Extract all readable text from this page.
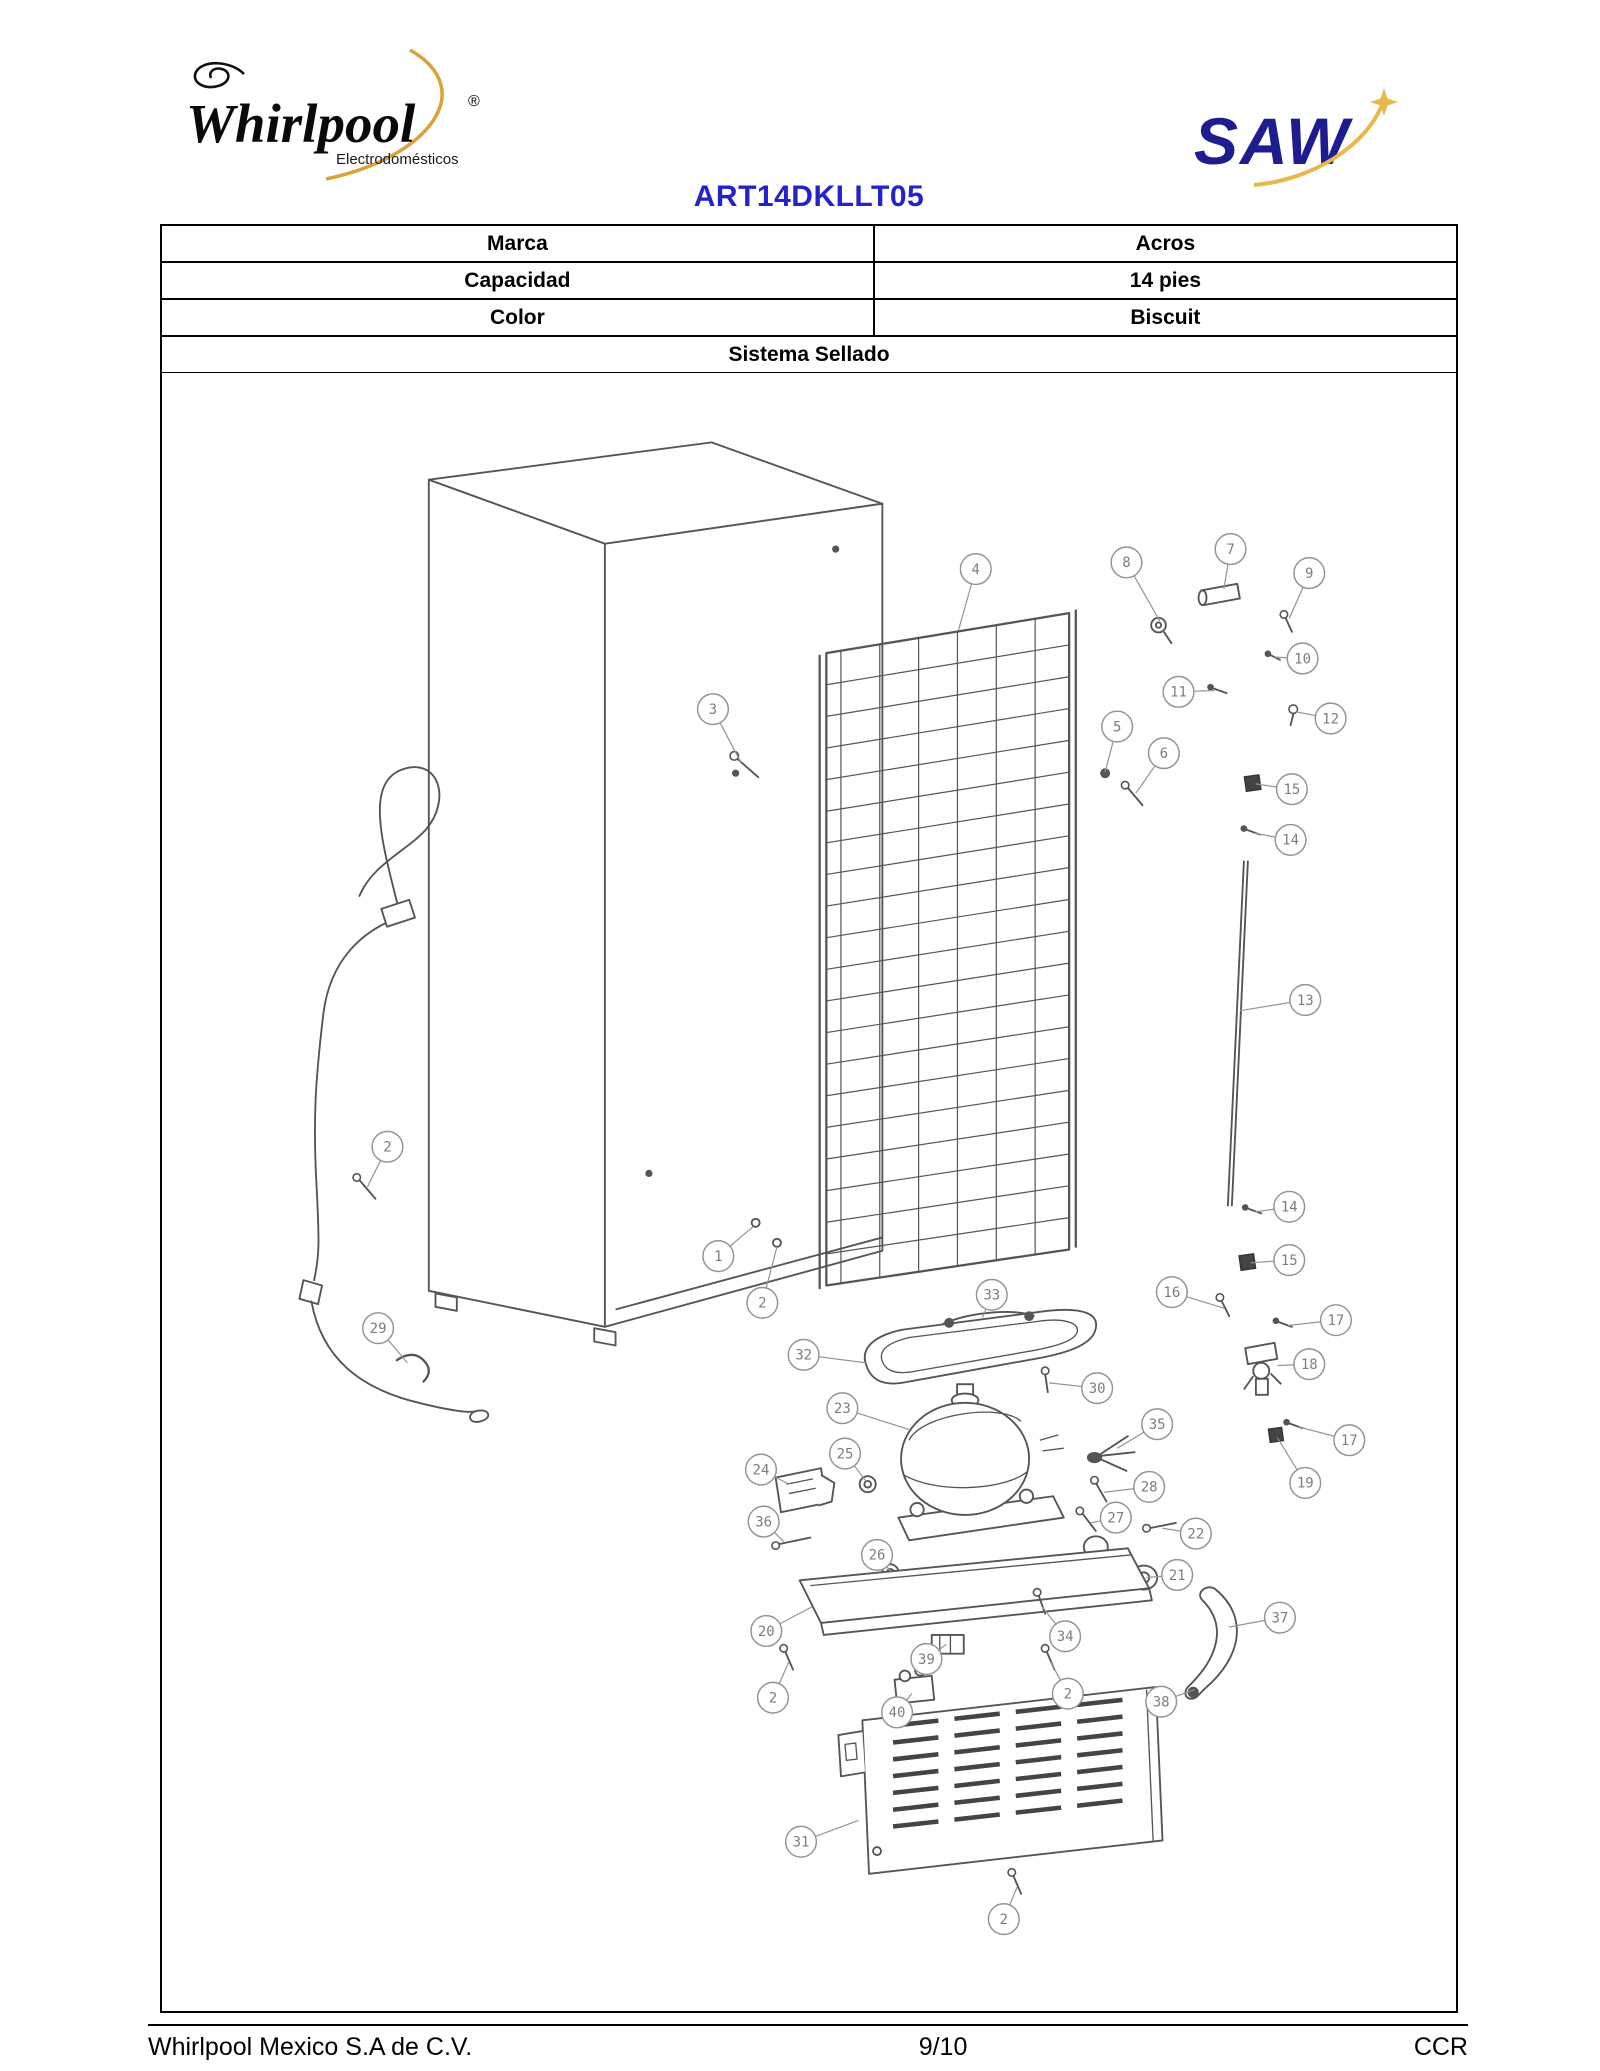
Whirlpool	®
Electrodomésticos	SAW
ART14DKLLT05
Marca	Acros
Capacidad	14 pies
Color	Biscuit
Sistema Sellado	
4	8
7
9
10
11
12
3
5
6
15
14
13
2
14
15
16
17
18
1
2
33
32
30
29
23
35
17
25
24
28	19
27
36
22
26
21
20	34
39
37
2	2
38
40
31
2
Whirlpool Mexico S.A de C.V.	9/10	CCR
